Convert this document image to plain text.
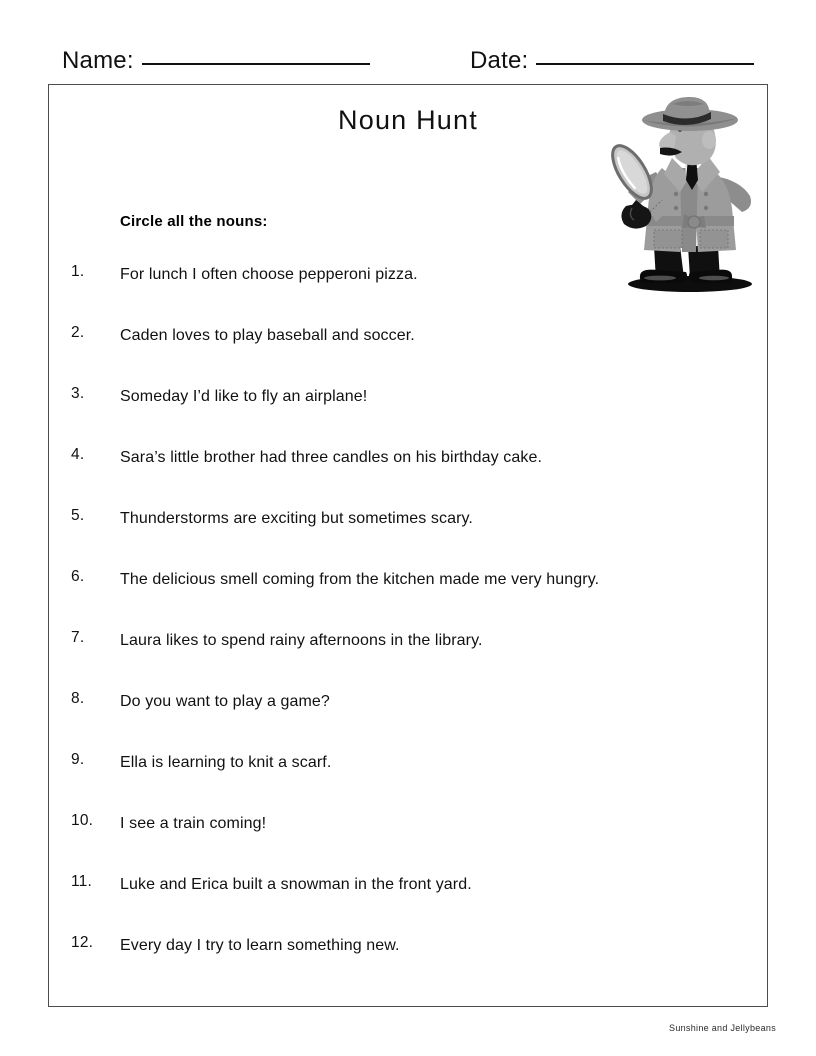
Name:	Date:
Noun Hunt
Circle all the nouns:
1.	For lunch I often choose pepperoni pizza.
2.	Caden loves to play baseball and soccer.
3.	Someday I’d like to fly an airplane!
4.	Sara’s little brother had three candles on his birthday cake.
5.	Thunderstorms are exciting but sometimes scary.
6.	The delicious smell coming from the kitchen made me very hungry.
7.	Laura likes to spend rainy afternoons in the library.
8.	Do you want to play a game?
9.	Ella is learning to knit a scarf.
10.	I see a train coming!
11.	Luke and Erica built a snowman in the front yard.
12.	Every day I try to learn something new.
Sunshine and Jellybeans
